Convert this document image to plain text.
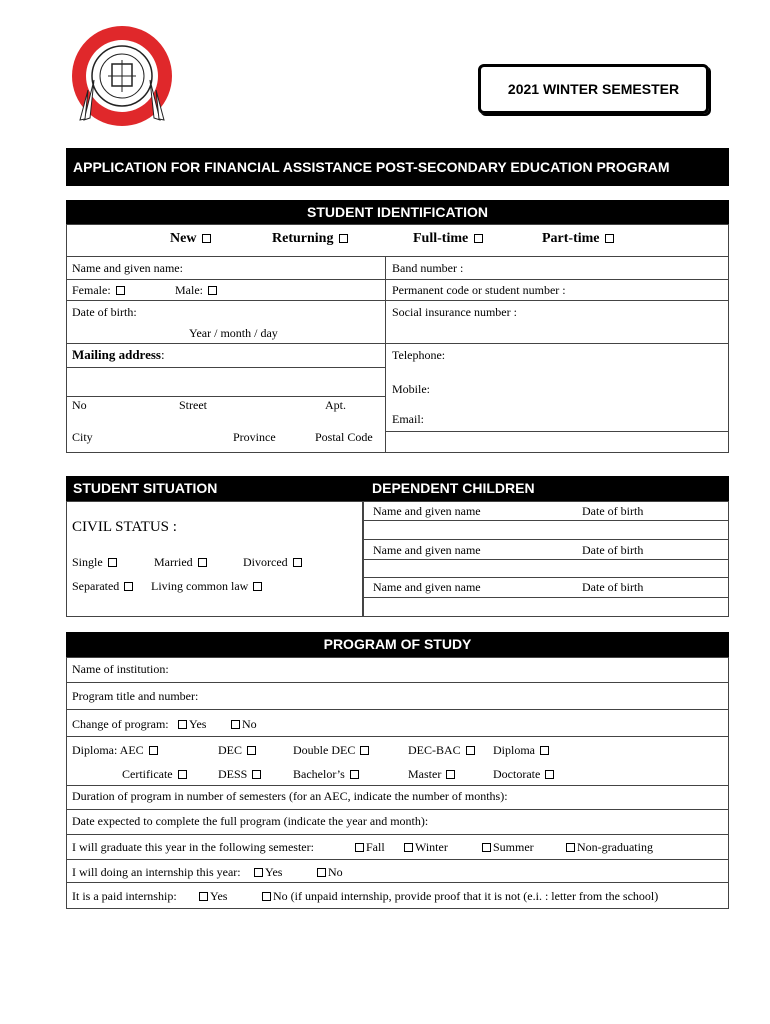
2021 WINTER SEMESTER
APPLICATION FOR FINANCIAL ASSISTANCE POST-SECONDARY EDUCATION PROGRAM
STUDENT IDENTIFICATION
New	Returning	Full-time	Part-time
Name and given name:	Band number :
Female:	Male:	Permanent code or student number :
Date of birth:	Social insurance number :
Year / month / day
Mailing address:	Telephone:
Mobile:
No	Street	Apt.
Email:
City	Province	Postal Code
STUDENT SITUATION	DEPENDENT CHILDREN
CIVIL STATUS :
Single	Married	Divorced
Separated	Living common law
Name and given name	Date of birth
Name and given name	Date of birth
Name and given name	Date of birth
PROGRAM OF STUDY
Name of institution:
Program title and number:
Change of program:	Yes	No
Diploma: AEC	DEC	Double DEC	DEC-BAC	Diploma
Certificate	DESS	Bachelor’s	Master	Doctorate
Duration of program in number of semesters (for an AEC, indicate the number of months):
Date expected to complete the full program (indicate the year and month):
I will graduate this year in the following semester:	Fall	Winter	Summer	Non-graduating
I will doing an internship this year:	Yes	No
It is a paid internship:	Yes	No (if unpaid internship, provide proof that it is not (e.i. : letter from the school)
